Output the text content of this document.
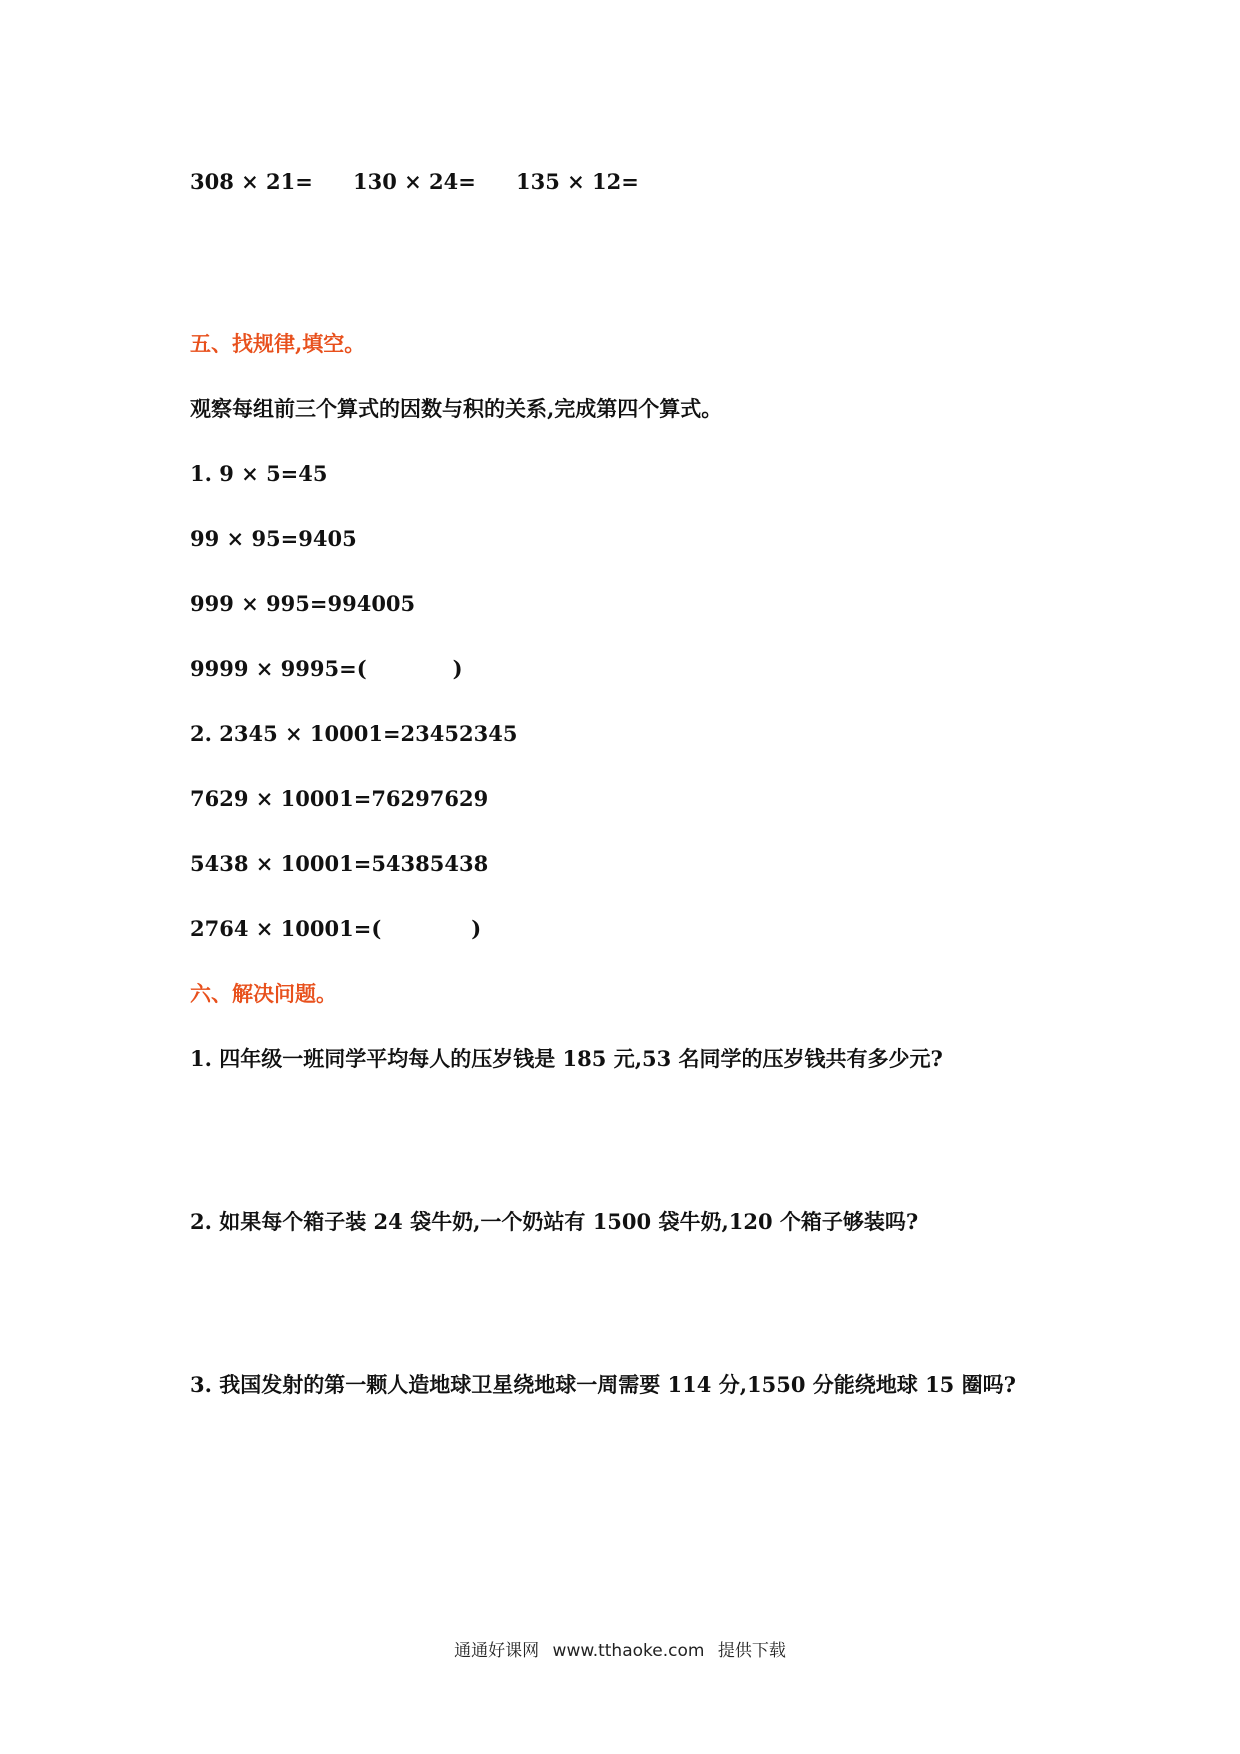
308 × 21= 130 × 24= 135 × 12=
五、找规律,填空。
观察每组前三个算式的因数与积的关系,完成第四个算式。
1. 9 × 5=45
99 × 95=9405
999 × 995=994005
9999 × 9995=(	)
2. 2345 × 10001=23452345
7629 × 10001=76297629
5438 × 10001=54385438
2764 × 10001=(	)
六、解决问题。
1. 四年级一班同学平均每人的压岁钱是 185 元,53 名同学的压岁钱共有多少元?
2. 如果每个箱子装 24 袋牛奶,一个奶站有 1500 袋牛奶,120 个箱子够装吗?
3. 我国发射的第一颗人造地球卫星绕地球一周需要 114 分,1550 分能绕地球 15 圈吗?
通通好课网 www.tthaoke.com 提供下载
